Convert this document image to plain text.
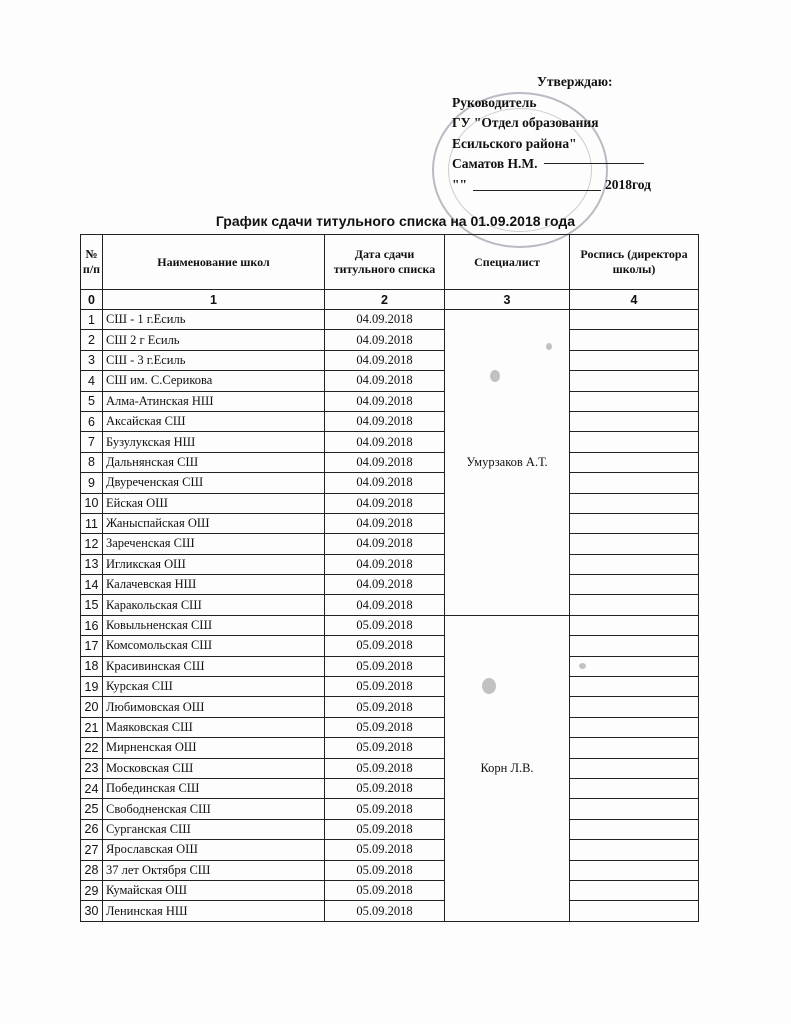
Утверждаю:
Руководитель
ГУ "Отдел образования
Есильского района"
Саматов Н.М.
" "	2018год
График сдачи титульного списка на 01.09.2018 года
№ п/п	Наименование школ	Дата сдачи титульного списка	Специалист	Роспись (директора школы)
0	1	2	3	4
1	СШ - 1 г.Есиль	04.09.2018	Умурзаков А.Т.	
2	СШ 2 г Есиль	04.09.2018		
3	СШ - 3 г.Есиль	04.09.2018		
4	СШ им. С.Серикова	04.09.2018		
5	Алма-Атинская НШ	04.09.2018		
6	Аксайская СШ	04.09.2018		
7	Бузулукская НШ	04.09.2018		
8	Дальнянская СШ	04.09.2018		
9	Двуреченская СШ	04.09.2018		
10	Ейская ОШ	04.09.2018		
11	Жаныспайская ОШ	04.09.2018		
12	Зареченская СШ	04.09.2018		
13	Игликская ОШ	04.09.2018		
14	Калачевская НШ	04.09.2018		
15	Каракольская СШ	04.09.2018		
16	Ковыльненская СШ	05.09.2018	Корн Л.В.	
17	Комсомольская СШ	05.09.2018		
18	Красивинская СШ	05.09.2018		
19	Курская СШ	05.09.2018		
20	Любимовская ОШ	05.09.2018		
21	Маяковская СШ	05.09.2018		
22	Мирненская ОШ	05.09.2018		
23	Московская СШ	05.09.2018		
24	Побединская СШ	05.09.2018		
25	Свободненская СШ	05.09.2018		
26	Сурганская СШ	05.09.2018		
27	Ярославская ОШ	05.09.2018		
28	37 лет Октября СШ	05.09.2018		
29	Кумайская ОШ	05.09.2018		
30	Ленинская НШ	05.09.2018		
